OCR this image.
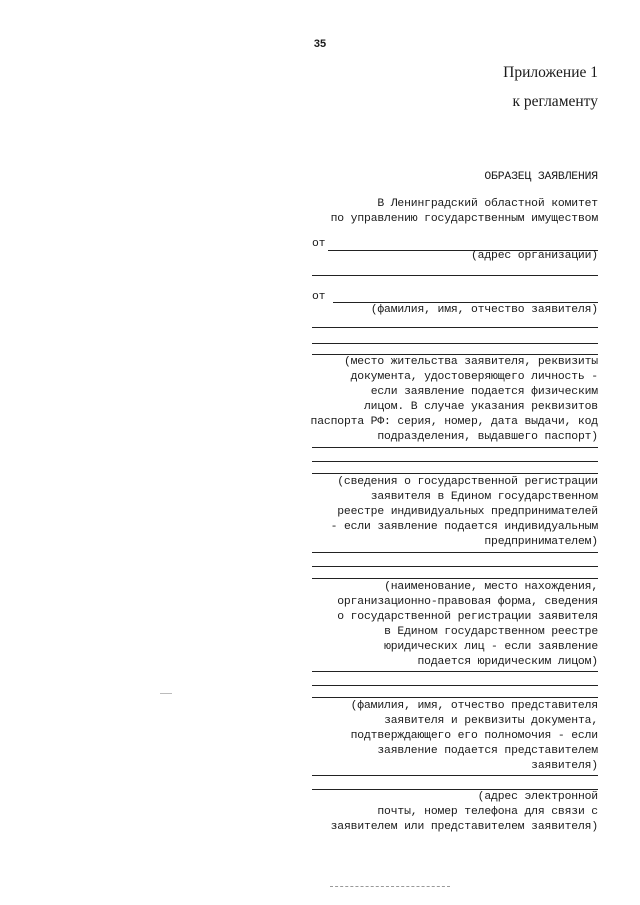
35
Приложение 1
к регламенту
ОБРАЗЕЦ ЗАЯВЛЕНИЯ
В Ленинградский областной комитет
по управлению государственным имуществом
от
(адрес организации)
от
(фамилия, имя, отчество заявителя)
(место жительства заявителя, реквизиты
документа, удостоверяющего личность -
если заявление подается физическим
лицом. В случае указания реквизитов
паспорта РФ: серия, номер, дата выдачи, код
подразделения, выдавшего паспорт)
(сведения о государственной регистрации
заявителя в Едином государственном
реестре индивидуальных предпринимателей
- если заявление подается индивидуальным
предпринимателем)
(наименование, место нахождения,
организационно-правовая форма, сведения
о государственной регистрации заявителя
в Едином государственном реестре
юридических лиц - если заявление
подается юридическим лицом)
(фамилия, имя, отчество представителя
заявителя и реквизиты документа,
подтверждающего его полномочия - если
заявление подается представителем
заявителя)
(адрес электронной
почты, номер телефона для связи с
заявителем или представителем заявителя)
